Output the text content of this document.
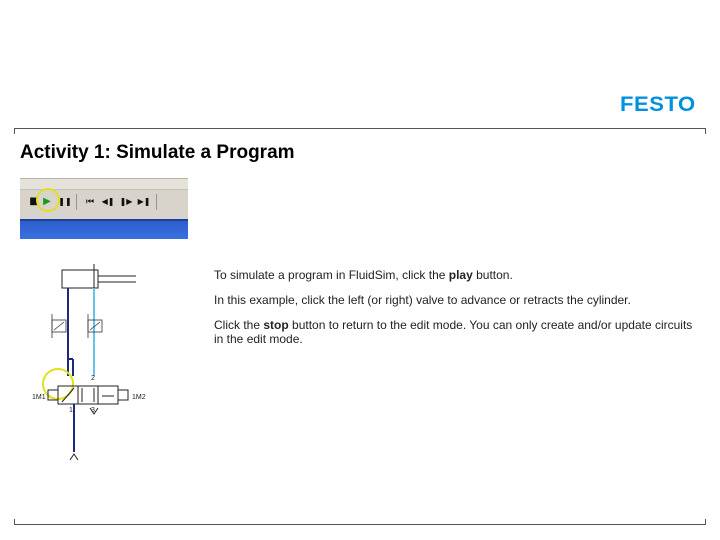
FESTO
Activity 1: Simulate a Program
■ ▶ ❚❚	⏮ ◀❚ ❚▶ ▶❚
1M1	1M2
2
1	3

To simulate a program in FluidSim, click the play button.

In this example, click the left (or right) valve to advance or retracts the cylinder.

Click the stop button to return to the edit mode. You can only create and/or update circuits in the edit mode.
